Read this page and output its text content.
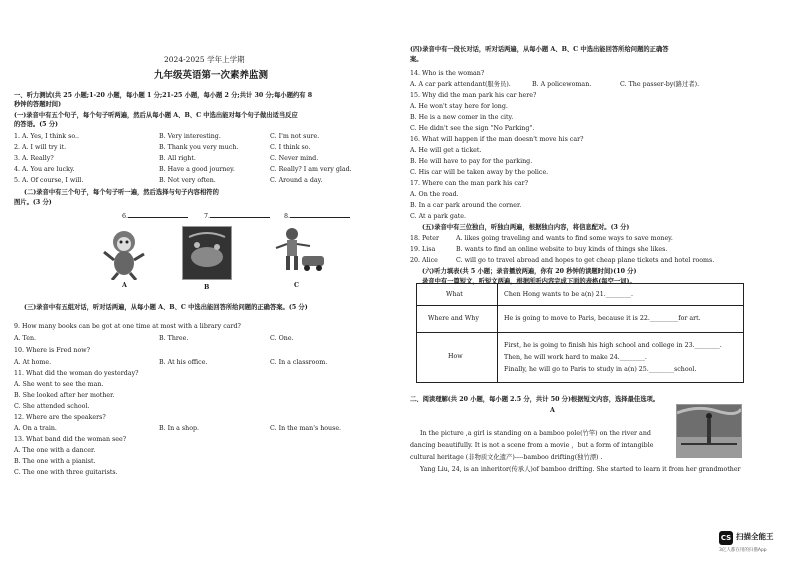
2024-2025 学年上学期
九年级英语第一次素养监测
一、听力测试(共 25 小题;1-20 小题，每小题 1 分;21-25 小题，每小题 2 分;共计 30 分;每小题约有 8
秒钟的答题时间)
(一)录音中有五个句子，每个句子听两遍，然后从每小题 A、B、C 中选出能对每个句子做出适当反应
的答语。(5 分)
1. A. Yes, I think so..	B. Very interesting.	C. I'm not sure.
2. A. I will try it.	B. Thank you very much.	C. I think so.
3. A. Really?	B. All right.	C. Never mind.
4. A. You are lucky.	B. Have a good journey.	C. Really? I am very glad.
5. A. Of course, I will.	B. Not very often.	C. Around a day.
(二)录音中有三个句子，每个句子听一遍，然后选择与句子内容相符的
图片。(3 分)
6.	7.	8.
A	B	C
(三)录音中有五组对话，听对话两遍，从每小题 A、B、C 中选出能回答所给问题的正确答案。(5 分)
9. How many books can be got at one time at most with a library card?
A. Ten.	B. Three.	C. One.
10. Where is Fred now?
A. At home.	B. At his office.	C. In a classroom.
11. What did the woman do yesterday?
A. She went to see the man.
B. She looked after her mother.
C. She attended school.
12. Where are the speakers?
A. On a train.	B. In a shop.	C. In the man's house.
13. What band did the woman see?
A. The one with a dancer.
B. The one with a pianist.
C. The one with three guitarists.
(四)录音中有一段长对话，听对话两遍，从每小题 A、B、C 中选出能回答所给问题的正确答
案。
14. Who is the woman?
A. A car park attendant(服务员).	B. A policewoman.	C. The passer-by(路过者).
15. Why did the man park his car here?
A. He won't stay here for long.
B. He is a new comer in the city.
C. He didn't see the sign "No Parking".
16. What will happen if the man doesn't move his car?
A. He will get a ticket.
B. He will have to pay for the parking.
C. His car will be taken away by the police.
17. Where can the man park his car?
A. On the road.
B. In a car park around the corner.
C. At a park gate.
(五)录音中有三位独白，听独白两遍，根据独白内容，将信息配对。(3 分)
18. Peter	A. likes going traveling and wants to find some ways to save money.
19. Lisa	B. wants to find an online website to buy kinds of things she likes.
20. Alice	C. will go to travel abroad and hopes to get cheap plane tickets and hotel rooms.
(六)听力填表(共 5 小题；录音播放两遍，你有 20 秒钟的读题时间)(10 分)
录音中有一篇短文，听短文两遍，根据所听内容完成下面的表格(每空一词)。
What	Chen Hong wants to be a(n) 21.________.
Where and Why	He is going to move to Paris, because it is 22._________for art.
How
First, he is going to finish his high school and college in 23.________.
Then, he will work hard to make 24.________.
Finally, he will go to Paris to study in a(n) 25.________school.
二、阅读理解(共 20 小题，每小题 2.5 分，共计 50 分)根据短文内容，选择最佳选项。
A
In the picture ,a girl is standing on a bamboo pole(竹竿) on the river and
dancing beautifully. It is not a scene from a movie ，but a form of intangible
cultural heritage (非物质文化遗产)----bamboo drifting(独竹漂) .
Yang Liu, 24, is an inheritor(传承人)of bamboo drifting. She started to learn it from her grandmother
CS 扫描全能王
3亿人都在用的扫描App
